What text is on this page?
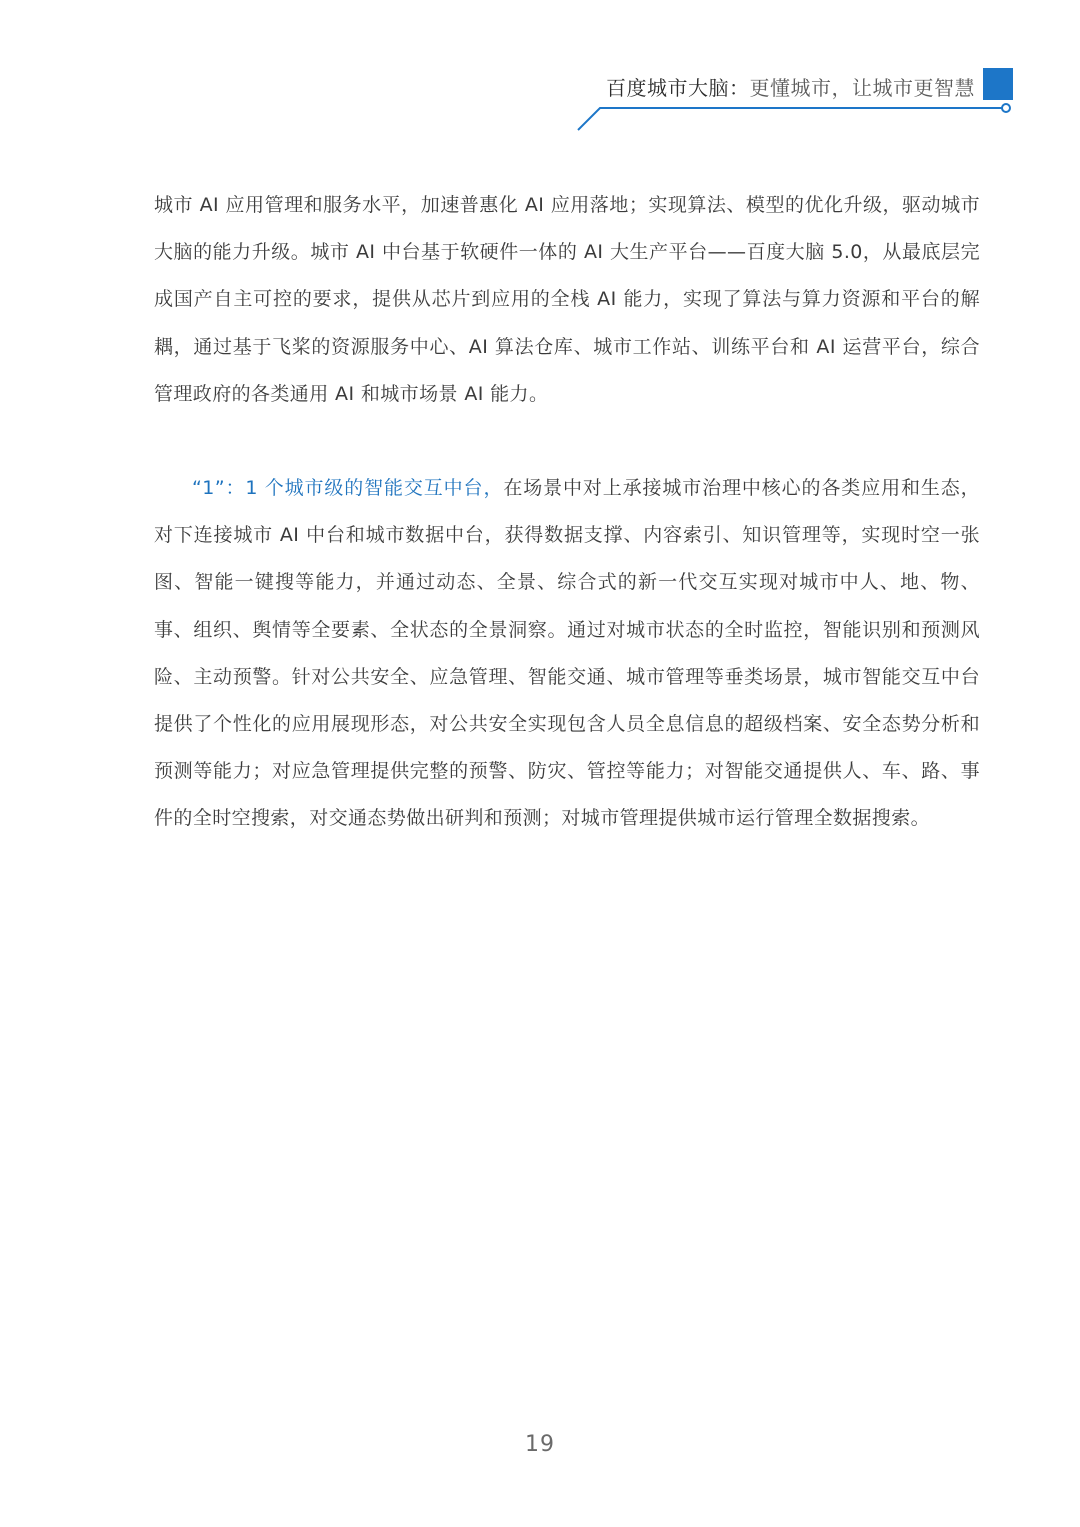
百度城市大脑：更懂城市，让城市更智慧

城市 AI 应用管理和服务水平，加速普惠化 AI 应用落地；实现算法、模型的优化升级，驱动城市大脑的能力升级。城市 AI 中台基于软硬件一体的 AI 大生产平台——百度大脑 5.0，从最底层完成国产自主可控的要求，提供从芯片到应用的全栈 AI 能力，实现了算法与算力资源和平台的解耦，通过基于飞桨的资源服务中心、AI 算法仓库、城市工作站、训练平台和 AI 运营平台，综合管理政府的各类通用 AI 和城市场景 AI 能力。

“1”：1 个城市级的智能交互中台，在场景中对上承接城市治理中核心的各类应用和生态，对下连接城市 AI 中台和城市数据中台，获得数据支撑、内容索引、知识管理等，实现时空一张图、智能一键搜等能力，并通过动态、全景、综合式的新一代交互实现对城市中人、地、物、事、组织、舆情等全要素、全状态的全景洞察。通过对城市状态的全时监控，智能识别和预测风险、主动预警。针对公共安全、应急管理、智能交通、城市管理等垂类场景，城市智能交互中台提供了个性化的应用展现形态，对公共安全实现包含人员全息信息的超级档案、安全态势分析和预测等能力；对应急管理提供完整的预警、防灾、管控等能力；对智能交通提供人、车、路、事件的全时空搜索，对交通态势做出研判和预测；对城市管理提供城市运行管理全数据搜索。

19
